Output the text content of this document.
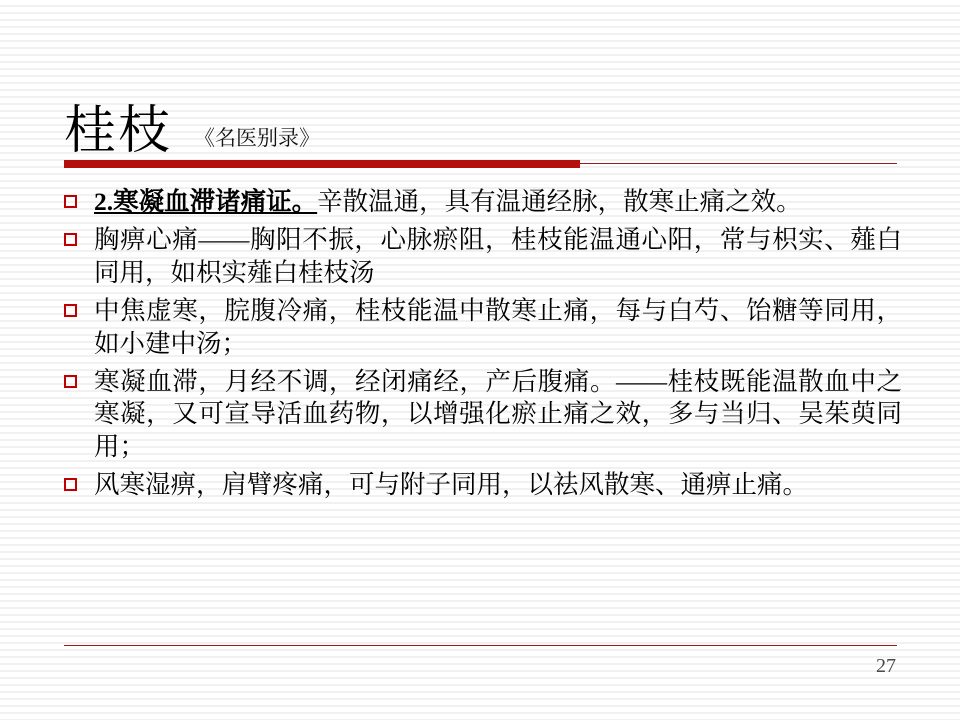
桂枝 《名医别录》
2.寒凝血滞诸痛证。辛散温通，具有温通经脉，散寒止痛之效。
胸痹心痛——胸阳不振，心脉瘀阻，桂枝能温通心阳，常与枳实、薤白同用，如枳实薤白桂枝汤
中焦虚寒，脘腹冷痛，桂枝能温中散寒止痛，每与白芍、饴糖等同用，如小建中汤；
寒凝血滞，月经不调，经闭痛经，产后腹痛。——桂枝既能温散血中之寒凝，又可宣导活血药物，以增强化瘀止痛之效，多与当归、吴茱萸同用；
风寒湿痹，肩臂疼痛，可与附子同用，以祛风散寒、通痹止痛。
27
